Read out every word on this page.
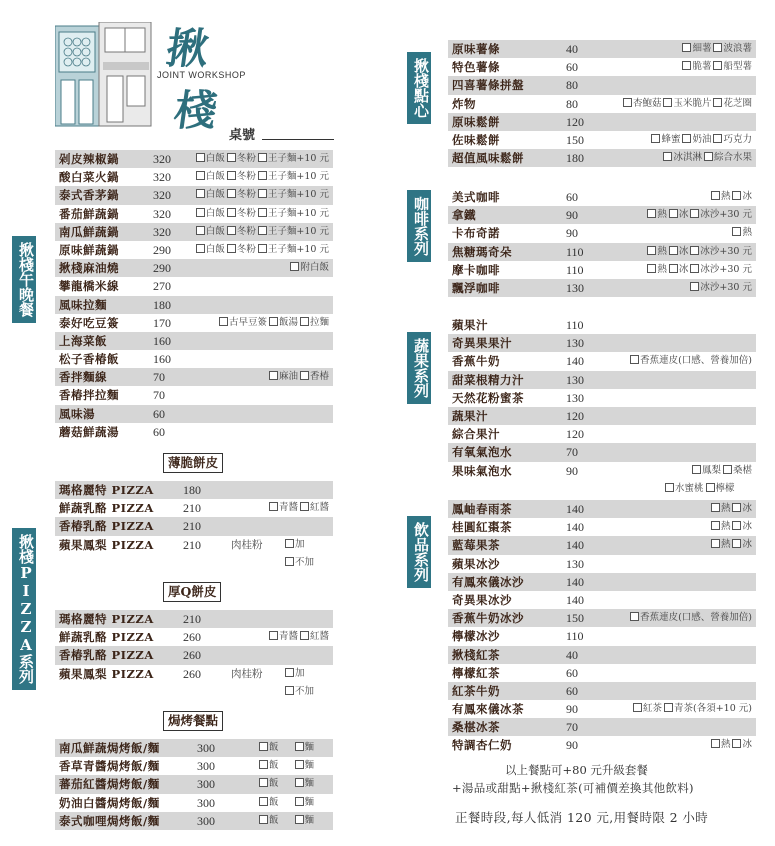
揪
JOINT WORKSHOP
棧
桌號
揪棧午晚餐
揪棧PIZZA系列
揪棧點心
咖啡系列
蔬果系列
飲品系列
剁皮辣椒鍋	320	白飯 冬粉 王子麵+10 元
酸白菜火鍋	320	白飯 冬粉 王子麵+10 元
泰式香茅鍋	320	白飯 冬粉 王子麵+10 元
番茄鮮蔬鍋	320	白飯 冬粉 王子麵+10 元
南瓜鮮蔬鍋	320	白飯 冬粉 王子麵+10 元
原味鮮蔬鍋	290	白飯 冬粉 王子麵+10 元
揪棧麻油燒	290	附白飯
攀龍橋米線	270
風味拉麵	180
泰好吃豆簽	170	古早豆簽 飯湯 拉麵
上海菜飯	160
松子香椿飯	160
香拌麵線	70	麻油 香椿
香椿拌拉麵	70
風味湯	60
蘑菇鮮蔬湯	60
薄脆餅皮
瑪格麗特 PIZZA 180
鮮蔬乳酪 PIZZA 210	青醬 紅醬
香椿乳酪 PIZZA 210
蘋果鳳梨 PIZZA 210	肉桂粉	加
不加
厚Q餅皮
瑪格麗特 PIZZA 210
鮮蔬乳酪 PIZZA 260	青醬 紅醬
香椿乳酪 PIZZA 260
蘋果鳳梨 PIZZA 260	肉桂粉	加
不加
焗烤餐點
南瓜鮮蔬焗烤飯/麵	300	飯	麵
香草青醬焗烤飯/麵	300	飯	麵
蕃茄紅醬焗烤飯/麵	300	飯	麵
奶油白醬焗烤飯/麵	300	飯	麵
泰式咖哩焗烤飯/麵	300	飯	麵
原味薯條	40	細薯 波浪薯
特色薯條	60	脆薯 船型薯
四喜薯條拼盤	80
炸物	80	杏鮑菇 玉米脆片 花芝圈
原味鬆餅	120
佐味鬆餅	150	蜂蜜 奶油 巧克力
超值風味鬆餅	180	冰淇淋 綜合水果
美式咖啡	60	熱 冰
拿鐵	90	熱 冰 冰沙+30 元
卡布奇諾	90	熱
焦糖瑪奇朵	110	熱 冰 冰沙+30 元
摩卡咖啡	110	熱 冰 冰沙+30 元
飄浮咖啡	130	冰沙+30 元
蘋果汁	110
奇異果果汁	130
香蕉牛奶	140	香蕉連皮(口感、營養加倍)
甜菜根精力汁	130
天然花粉蜜茶	130
蔬果汁	120
綜合果汁	120
有氧氣泡水	70
果味氣泡水	90	鳳梨 桑椹
水蜜桃 檸檬
鳳岫春雨茶	140	熱 冰
桂圓紅棗茶	140	熱 冰
藍莓果茶	140	熱 冰
蘋果冰沙	130
有鳳來儀冰沙	140
奇異果冰沙	140
香蕉牛奶冰沙	150	香蕉連皮(口感、營養加倍)
檸檬冰沙	110
揪棧紅茶	40
檸檬紅茶	60
紅茶牛奶	60
有鳳來儀冰茶	90	紅茶 青茶(各須+10 元)
桑椹冰茶	70
特調杏仁奶	90	熱 冰
以上餐點可+80 元升級套餐
+湯品或甜點+揪棧紅茶(可補價差換其他飲料)
正餐時段,每人低消 120 元,用餐時限 2 小時
